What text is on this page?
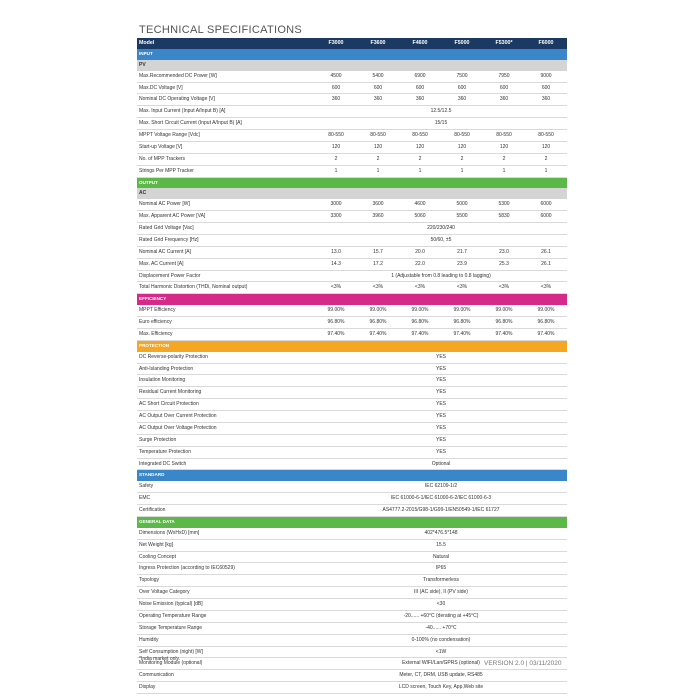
TECHNICAL SPECIFICATIONS
Model	F3000	F3600	F4600	F5000	F5300*	F6000
INPUT						
PV						
Max.Recommended DC Power [W]	4500	5400	6900	7500	7950	9000
Max.DC Voltage [V]	600	600	600	600	600	600
Nominal DC Operating Voltage [V]	360	360	360	360	360	360
Max. Input Current (Input A/Input B) [A]	12.5/12.5					
Max. Short Circuit Current (Input A/Input B) [A]	15/15					
MPPT Voltage Range [Vdc]	80-550	80-550	80-550	80-550	80-550	80-550
Start-up Voltage [V]	120	120	120	120	120	120
No. of MPP Trackers	2	2	2	2	2	2
Strings Per MPP Tracker	1	1	1	1	1	1
OUTPUT						
AC						
Nominal AC Power [W]	3000	3600	4600	5000	5300	6000
Max. Apparent AC Power [VA]	3300	3960	5060	5500	5830	6000
Rated Grid Voltage [Vac]	220/230/240					
Rated Grid Frequency [Hz]	50/60, ±5					
Nominal AC Current [A]	13.0	15.7	20.0	21.7	23.0	26.1
Max. AC Current [A]	14.3	17.2	22.0	23.9	25.3	26.1
Displacement Power Factor	1 (Adjustable from 0.8 leading to 0.8 lagging)					
Total Harmonic Distortion (THDi, Nominal output)	<3%	<3%	<3%	<3%	<3%	<3%
EFFICIENCY						
MPPT Efficiency	99.00%	99.00%	99.00%	99.00%	99.00%	99.00%
Euro efficiency	96.80%	96.80%	96.80%	96.80%	96.80%	96.80%
Max. Efficiency	97.40%	97.40%	97.40%	97.40%	97.40%	97.40%
PROTECTION						
DC Reverse-polarity Protection	YES					
Anti-Islanding Protection	YES					
Insulation Monitoring	YES					
Residual Current Monitoring	YES					
AC Short Circuit Protection	YES					
AC Output Over Current Protection	YES					
AC Output Over Voltage Protection	YES					
Surge Protection	YES					
Temperature Protection	YES					
Integrated DC Switch	Optional					
STANDARD						
Safety	IEC 62109-1/2					
EMC	IEC 61000-6-1/IEC 61000-6-2/IEC 61000-6-3					
Certification	AS4777.2-2015/G98-1/G99-1/EN50549-1/IEC 61727					
GENERAL DATA						
Dimensions (WxHxD) [mm]	402*476.5*148					
Net Weight [kg]	15.5					
Cooling Concept	Natural					
Ingress Protection (according to IEC60529)	IP65					
Topology	Transformerless					
Over Voltage Category	III (AC side), II (PV side)					
Noise Emission (typical) [dB]	<30					
Operating Temperature Range	-20...... +60°C (derating at +45°C)					
Storage Temperature Range	-40...... +70°C					
Humidity	0-100% (no condensation)					
Self Consumption (night) [W]	<1W					
Monitoring Module (optional)	External WIFI/Lan/GPRS (optional)					
Communication	Meter, CT, DRM, USB update, RS485					
Display	LCD screen, Touch Key, App,Web site					
*India market only.
VERSION 2.0 | 03/11/2020
